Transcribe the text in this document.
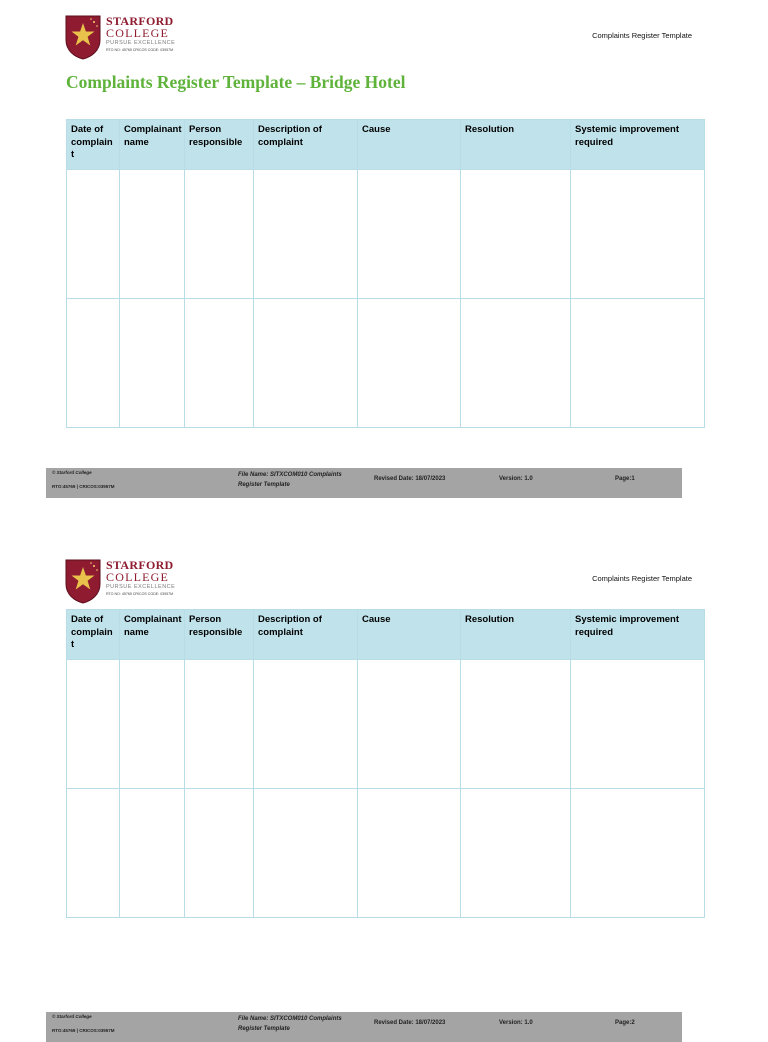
STARFORD
COLLEGE
PURSUE EXCELLENCE
RTO NO: 45765 CRICOS CODE: 03957M
Complaints Register Template
Complaints Register Template – Bridge Hotel
Date of complain t	Complainant name	Person responsible	Description of complaint	Cause	Resolution	Systemic improvement required

© Starford College
RTO:45769 | CRICOS:03957M
File Name: SITXCOM010 Complaints Register Template
Revised Date: 18/07/2023	Version: 1.0	Page:1
STARFORD
COLLEGE
PURSUE EXCELLENCE
RTO NO: 45765 CRICOS CODE: 03957M
Complaints Register Template
Date of complain t	Complainant name	Person responsible	Description of complaint	Cause	Resolution	Systemic improvement required

© Starford College
RTO:45769 | CRICOS:03957M
File Name: SITXCOM010 Complaints Register Template
Revised Date: 18/07/2023	Version: 1.0	Page:2
